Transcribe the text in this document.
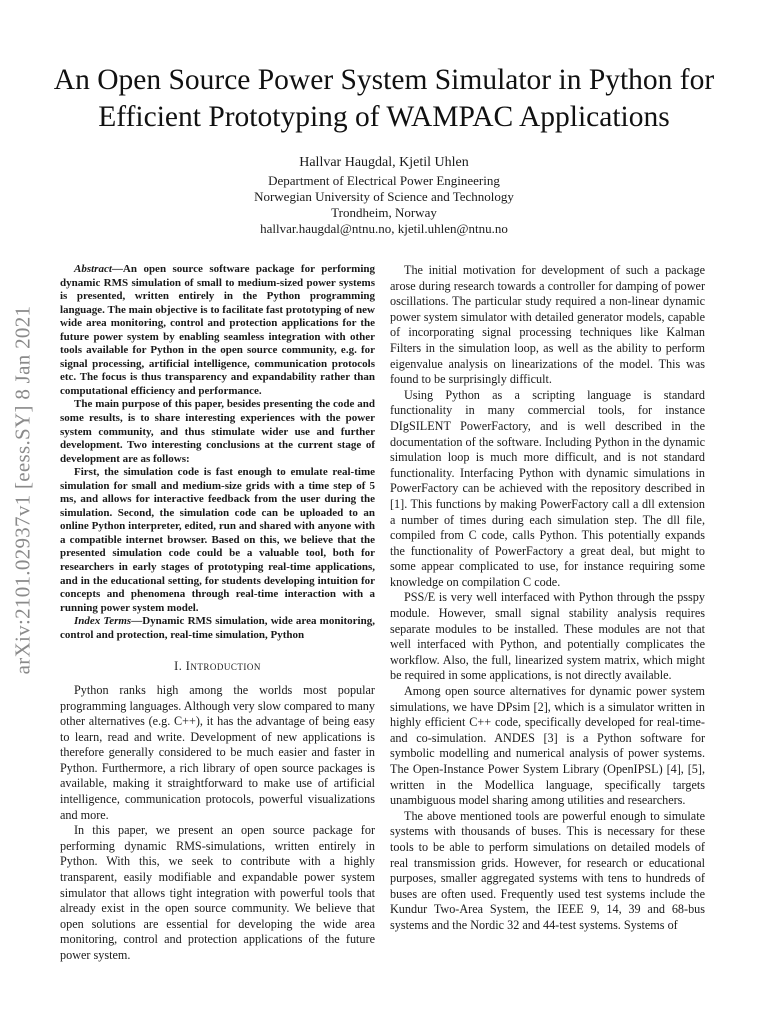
arXiv:2101.02937v1 [eess.SY] 8 Jan 2021
An Open Source Power System Simulator in Python for Efficient Prototyping of WAMPAC Applications
Hallvar Haugdal, Kjetil Uhlen
Department of Electrical Power Engineering
Norwegian University of Science and Technology
Trondheim, Norway
hallvar.haugdal@ntnu.no, kjetil.uhlen@ntnu.no

Abstract—An open source software package for performing dynamic RMS simulation of small to medium-sized power systems is presented, written entirely in the Python programming language. The main objective is to facilitate fast prototyping of new wide area monitoring, control and protection applications for the future power system by enabling seamless integration with other tools available for Python in the open source community, e.g. for signal processing, artificial intelligence, communication protocols etc. The focus is thus transparency and expandability rather than computational efficiency and performance.

The main purpose of this paper, besides presenting the code and some results, is to share interesting experiences with the power system community, and thus stimulate wider use and further development. Two interesting conclusions at the current stage of development are as follows:

First, the simulation code is fast enough to emulate real-time simulation for small and medium-size grids with a time step of 5 ms, and allows for interactive feedback from the user during the simulation. Second, the simulation code can be uploaded to an online Python interpreter, edited, run and shared with anyone with a compatible internet browser. Based on this, we believe that the presented simulation code could be a valuable tool, both for researchers in early stages of prototyping real-time applications, and in the educational setting, for students developing intuition for concepts and phenomena through real-time interaction with a running power system model.

Index Terms—Dynamic RMS simulation, wide area monitoring, control and protection, real-time simulation, Python

I. Introduction

Python ranks high among the worlds most popular programming languages. Although very slow compared to many other alternatives (e.g. C++), it has the advantage of being easy to learn, read and write. Development of new applications is therefore generally considered to be much easier and faster in Python. Furthermore, a rich library of open source packages is available, making it straightforward to make use of artificial intelligence, communication protocols, powerful visualizations and more.

In this paper, we present an open source package for performing dynamic RMS-simulations, written entirely in Python. With this, we seek to contribute with a highly transparent, easily modifiable and expandable power system simulator that allows tight integration with powerful tools that already exist in the open source community. We believe that open solutions are essential for developing the wide area monitoring, control and protection applications of the future power system.

The initial motivation for development of such a package arose during research towards a controller for damping of power oscillations. The particular study required a non-linear dynamic power system simulator with detailed generator models, capable of incorporating signal processing techniques like Kalman Filters in the simulation loop, as well as the ability to perform eigenvalue analysis on linearizations of the model. This was found to be surprisingly difficult.

Using Python as a scripting language is standard functionality in many commercial tools, for instance DIgSILENT PowerFactory, and is well described in the documentation of the software. Including Python in the dynamic simulation loop is much more difficult, and is not standard functionality. Interfacing Python with dynamic simulations in PowerFactory can be achieved with the repository described in [1]. This functions by making PowerFactory call a dll extension a number of times during each simulation step. The dll file, compiled from C code, calls Python. This potentially expands the functionality of PowerFactory a great deal, but might to some appear complicated to use, for instance requiring some knowledge on compilation C code.

PSS/E is very well interfaced with Python through the psspy module. However, small signal stability analysis requires separate modules to be installed. These modules are not that well interfaced with Python, and potentially complicates the workflow. Also, the full, linearized system matrix, which might be required in some applications, is not directly available.

Among open source alternatives for dynamic power system simulations, we have DPsim [2], which is a simulator written in highly efficient C++ code, specifically developed for real-time- and co-simulation. ANDES [3] is a Python software for symbolic modelling and numerical analysis of power systems. The Open-Instance Power System Library (OpenIPSL) [4], [5], written in the Modellica language, specifically targets unambiguous model sharing among utilities and researchers.

The above mentioned tools are powerful enough to simulate systems with thousands of buses. This is necessary for these tools to be able to perform simulations on detailed models of real transmission grids. However, for research or educational purposes, smaller aggregated systems with tens to hundreds of buses are often used. Frequently used test systems include the Kundur Two-Area System, the IEEE 9, 14, 39 and 68-bus systems and the Nordic 32 and 44-test systems. Systems of
